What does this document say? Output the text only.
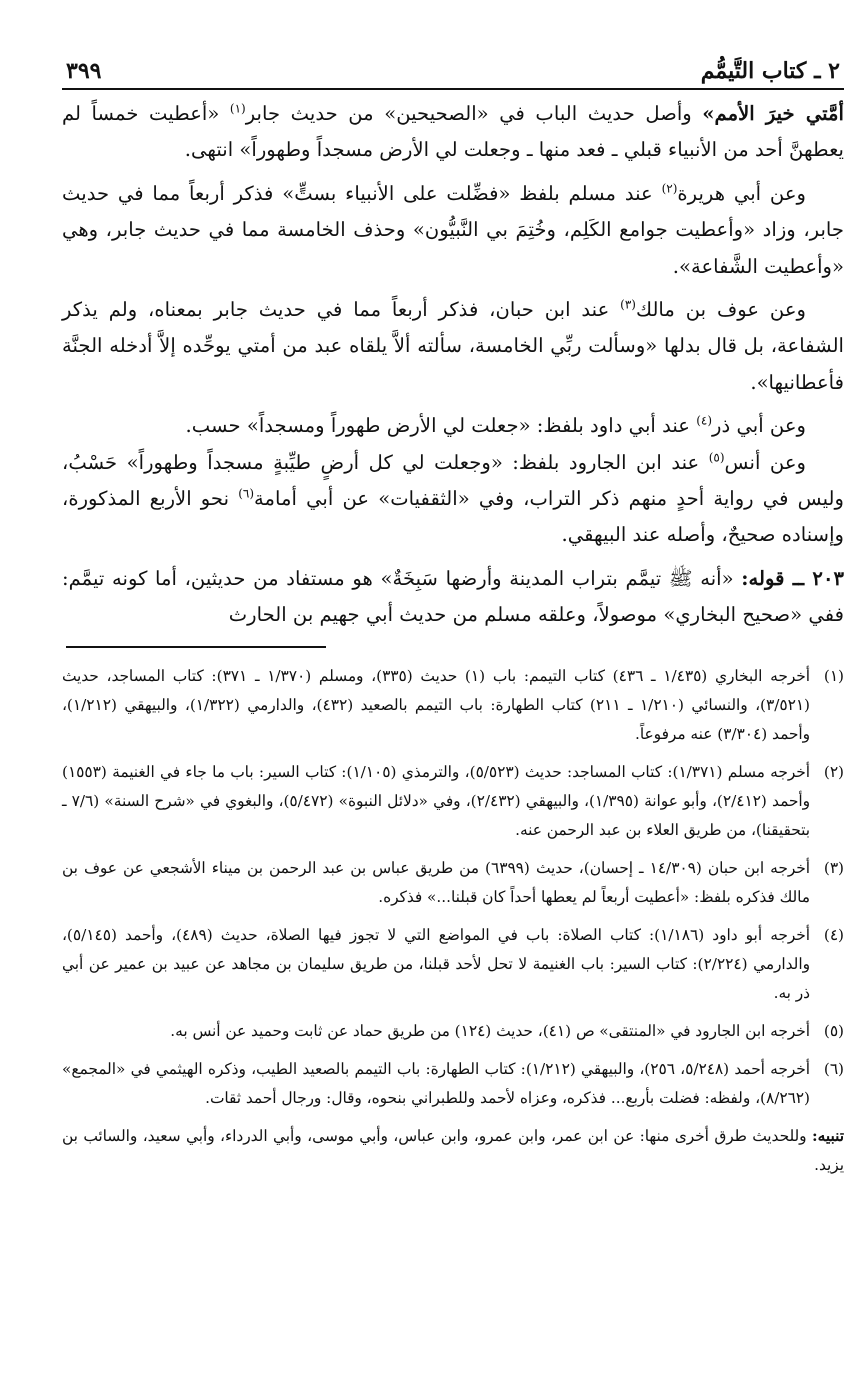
٢ ـ كتاب التَّيمُّم
٣٩٩

أمَّتي خيرَ الأمم» وأصل حديث الباب في «الصحيحين» من حديث جابر$^{(١)}$ «أعطيت خمساً لم يعطهنَّ أحد من الأنبياء قبلي ـ فعد منها ـ وجعلت لي الأرض مسجداً وطهوراً» انتهى.

وعن أبي هريرة$^{(٢)}$ عند مسلم بلفظ «فضِّلت على الأنبياء بستٍّ» فذكر أربعاً مما في حديث جابر، وزاد «وأعطيت جوامع الكَلِم، وخُتِمَ بي النَّبيُّون» وحذف الخامسة مما في حديث جابر، وهي «وأعطيت الشَّفاعة».

وعن عوف بن مالك$^{(٣)}$ عند ابن حبان، فذكر أربعاً مما في حديث جابر بمعناه، ولم يذكر الشفاعة، بل قال بدلها «وسألت ربِّي الخامسة، سألته ألاَّ يلقاه عبد من أمتي يوحِّده إلاَّ أدخله الجنَّة فأعطانيها».

وعن أبي ذر$^{(٤)}$ عند أبي داود بلفظ: «جعلت لي الأرض طهوراً ومسجداً» حسب.

وعن أنس$^{(٥)}$ عند ابن الجارود بلفظ: «وجعلت لي كل أرضٍ طيِّبةٍ مسجداً وطهوراً» حَسْبُ، وليس في رواية أحدٍ منهم ذكر التراب، وفي «الثقفيات» عن أبي أمامة$^{(٦)}$ نحو الأربع المذكورة، وإسناده صحيحٌ، وأصله عند البيهقي.

٢٠٣ ــ قوله: «أنه ﷺ تيمَّم بتراب المدينة وأرضها سَبِخَةٌ» هو مستفاد من حديثين، أما كونه تيمَّم: ففي «صحيح البخاري» موصولاً، وعلقه مسلم من حديث أبي جهيم بن الحارث

(١)
أخرجه البخاري (١/٤٣٥ ـ ٤٣٦) كتاب التيمم: باب (١) حديث (٣٣٥)، ومسلم (١/٣٧٠ ـ ٣٧١): كتاب المساجد، حديث (٣/٥٢١)، والنسائي (١/٢١٠ ـ ٢١١) كتاب الطهارة: باب التيمم بالصعيد (٤٣٢)، والدارمي (١/٣٢٢)، والبيهقي (١/٢١٢)، وأحمد (٣/٣٠٤) عنه مرفوعاً.
(٢)
أخرجه مسلم (١/٣٧١): كتاب المساجد: حديث (٥/٥٢٣)، والترمذي (١/١٠٥): كتاب السير: باب ما جاء في الغنيمة (١٥٥٣) وأحمد (٢/٤١٢)، وأبو عوانة (١/٣٩٥)، والبيهقي (٢/٤٣٢)، وفي «دلائل النبوة» (٥/٤٧٢)، والبغوي في «شرح السنة» (٧/٦ ـ بتحقيقنا)، من طريق العلاء بن عبد الرحمن عنه.
(٣)
أخرجه ابن حبان (١٤/٣٠٩ ـ إحسان)، حديث (٦٣٩٩) من طريق عباس بن عبد الرحمن بن ميناء الأشجعي عن عوف بن مالك فذكره بلفظ: «أعطيت أربعاً لم يعطها أحداً كان قبلنا...» فذكره.
(٤)
أخرجه أبو داود (١/١٨٦): كتاب الصلاة: باب في المواضع التي لا تجوز فيها الصلاة، حديث (٤٨٩)، وأحمد (٥/١٤٥)، والدارمي (٢/٢٢٤): كتاب السير: باب الغنيمة لا تحل لأحد قبلنا، من طريق سليمان بن مجاهد عن عبيد بن عمير عن أبي ذر به.
(٥)
أخرجه ابن الجارود في «المنتقى» ص (٤١)، حديث (١٢٤) من طريق حماد عن ثابت وحميد عن أنس به.
(٦)
أخرجه أحمد (٥/٢٤٨، ٢٥٦)، والبيهقي (١/٢١٢): كتاب الطهارة: باب التيمم بالصعيد الطيب، وذكره الهيثمي في «المجمع» (٨/٢٦٢)، ولفظه: فضلت بأربع... فذكره، وعزاه لأحمد وللطبراني بنحوه، وقال: ورجال أحمد ثقات.

تنبيه: وللحديث طرق أخرى منها: عن ابن عمر، وابن عمرو، وابن عباس، وأبي موسى، وأبي الدرداء، وأبي سعيد، والسائب بن يزيد.
